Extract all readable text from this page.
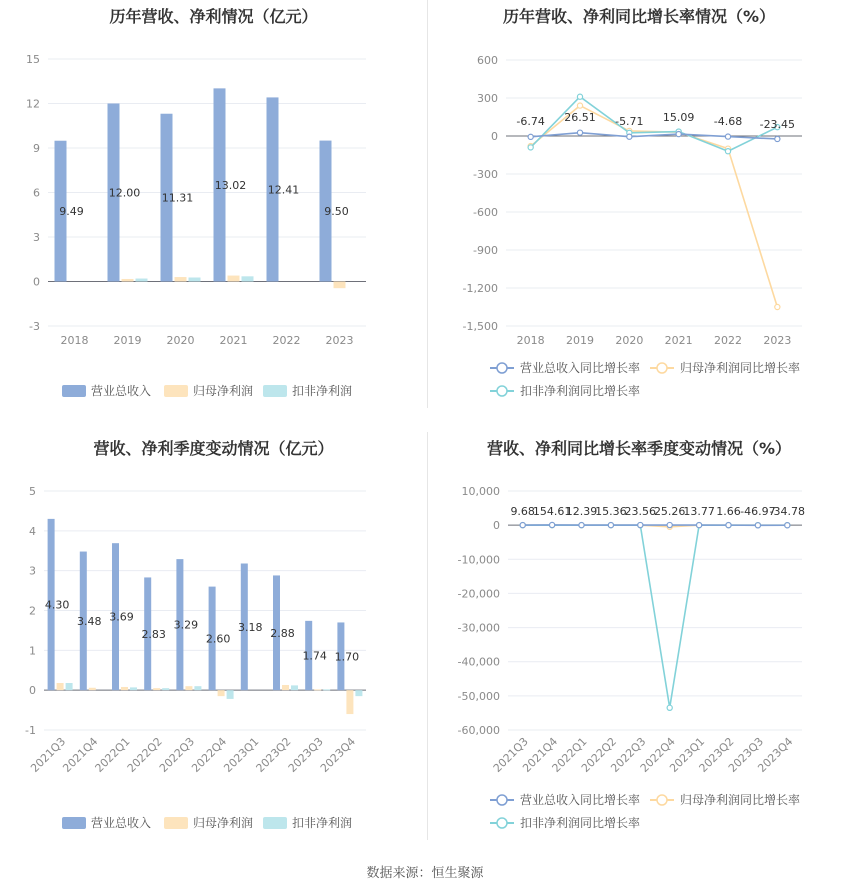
历年营收、净利情况（亿元）
-3
0
3
6
9
12
15
2018 2019 2020 2021 2022 2023
9.49
12.00 11.31
13.02 12.41
9.50
营业总收入	归母净利润	扣非净利润
历年营收、净利同比增长率情况（%）
-1,500
-1,200
-900
-600
-300
0
300
600
2018 2019 2020 2021 2022 2023
-6.74 26.51 -5.71 15.09 -4.68 -23.45
营业总收入同比增长率	归母净利润同比增长率
扣非净利润同比增长率
营收、净利季度变动情况（亿元）
-1
0
1
2
3
4
5
2021Q3
2021Q4
2022Q1
2022Q2
2022Q3
2022Q4
2023Q1
2023Q2
2023Q3
2023Q4
4.30
3.48 3.69
2.83
3.29
2.60
3.18 2.88
1.74 1.70
营业总收入	归母净利润	扣非净利润
营收、净利同比增长率季度变动情况（%）
-60,000
-50,000
-40,000
-30,000
-20,000
-10,000
0
10,000
2021Q3
2021Q4
2022Q1
2022Q2
2022Q3
2022Q4
2023Q1
2023Q2
2023Q3
2023Q4
9.68
154.61
12.39
15.36
23.56
25.26
13.77 1.66 -46.97
-34.78
营业总收入同比增长率	归母净利润同比增长率
扣非净利润同比增长率
数据来源：恒生聚源
